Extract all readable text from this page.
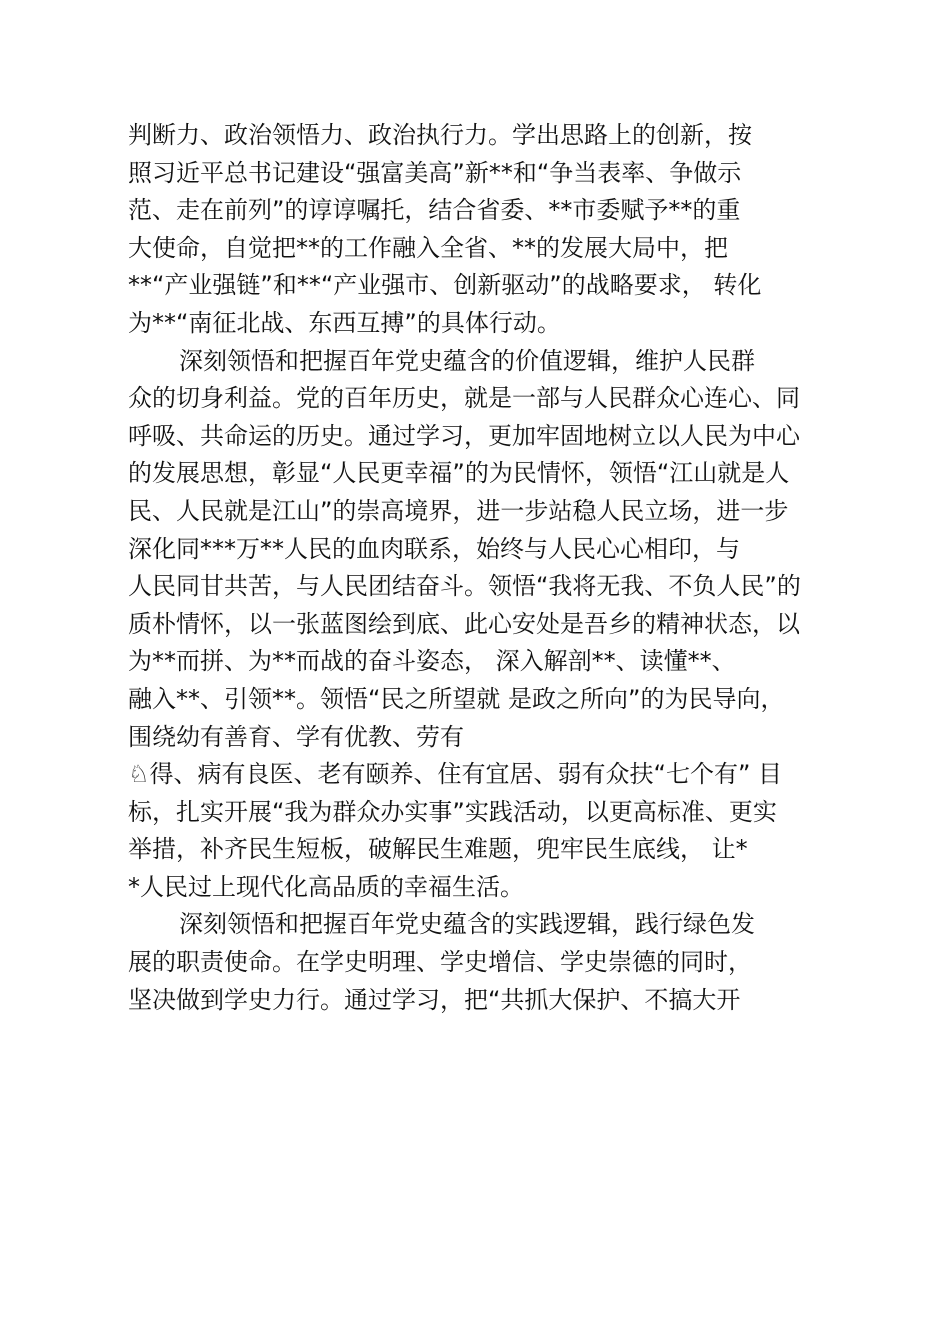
判断力、政治领悟力、政治执行力。学出思路上的创新，按
照习近平总书记建设“强富美高”新**和“争当表率、争做示
范、走在前列”的谆谆嘱托，结合省委、**市委赋予**的重
大使命，自觉把**的工作融入全省、**的发展大局中，把
**“产业强链”和**“产业强市、创新驱动”的战略要求， 转化
为**“南征北战、东西互搏”的具体行动。
深刻领悟和把握百年党史蕴含的价值逻辑，维护人民群
众的切身利益。党的百年历史，就是一部与人民群众心连心、同
呼吸、共命运的历史。通过学习，更加牢固地树立以人民为中心
的发展思想，彰显“人民更幸福”的为民情怀，领悟“江山就是人
民、人民就是江山”的崇高境界，进一步站稳人民立场，进一步
深化同***万**人民的血肉联系，始终与人民心心相印，与
人民同甘共苦，与人民团结奋斗。领悟“我将无我、不负人民”的
质朴情怀，以一张蓝图绘到底、此心安处是吾乡的精神状态，以
为**而拼、为**而战的奋斗姿态， 深入解剖**、读懂**、
融入**、引领**。领悟“民之所望就 是政之所向”的为民导向，
围绕幼有善育、学有优教、劳有
♘得、病有良医、老有颐养、住有宜居、弱有众扶“七个有” 目
标，扎实开展“我为群众办实事”实践活动，以更高标准、更实
举措，补齐民生短板，破解民生难题，兜牢民生底线， 让*
*人民过上现代化高品质的幸福生活。
深刻领悟和把握百年党史蕴含的实践逻辑，践行绿色发
展的职责使命。在学史明理、学史增信、学史崇德的同时，
坚决做到学史力行。通过学习，把“共抓大保护、不搞大开
